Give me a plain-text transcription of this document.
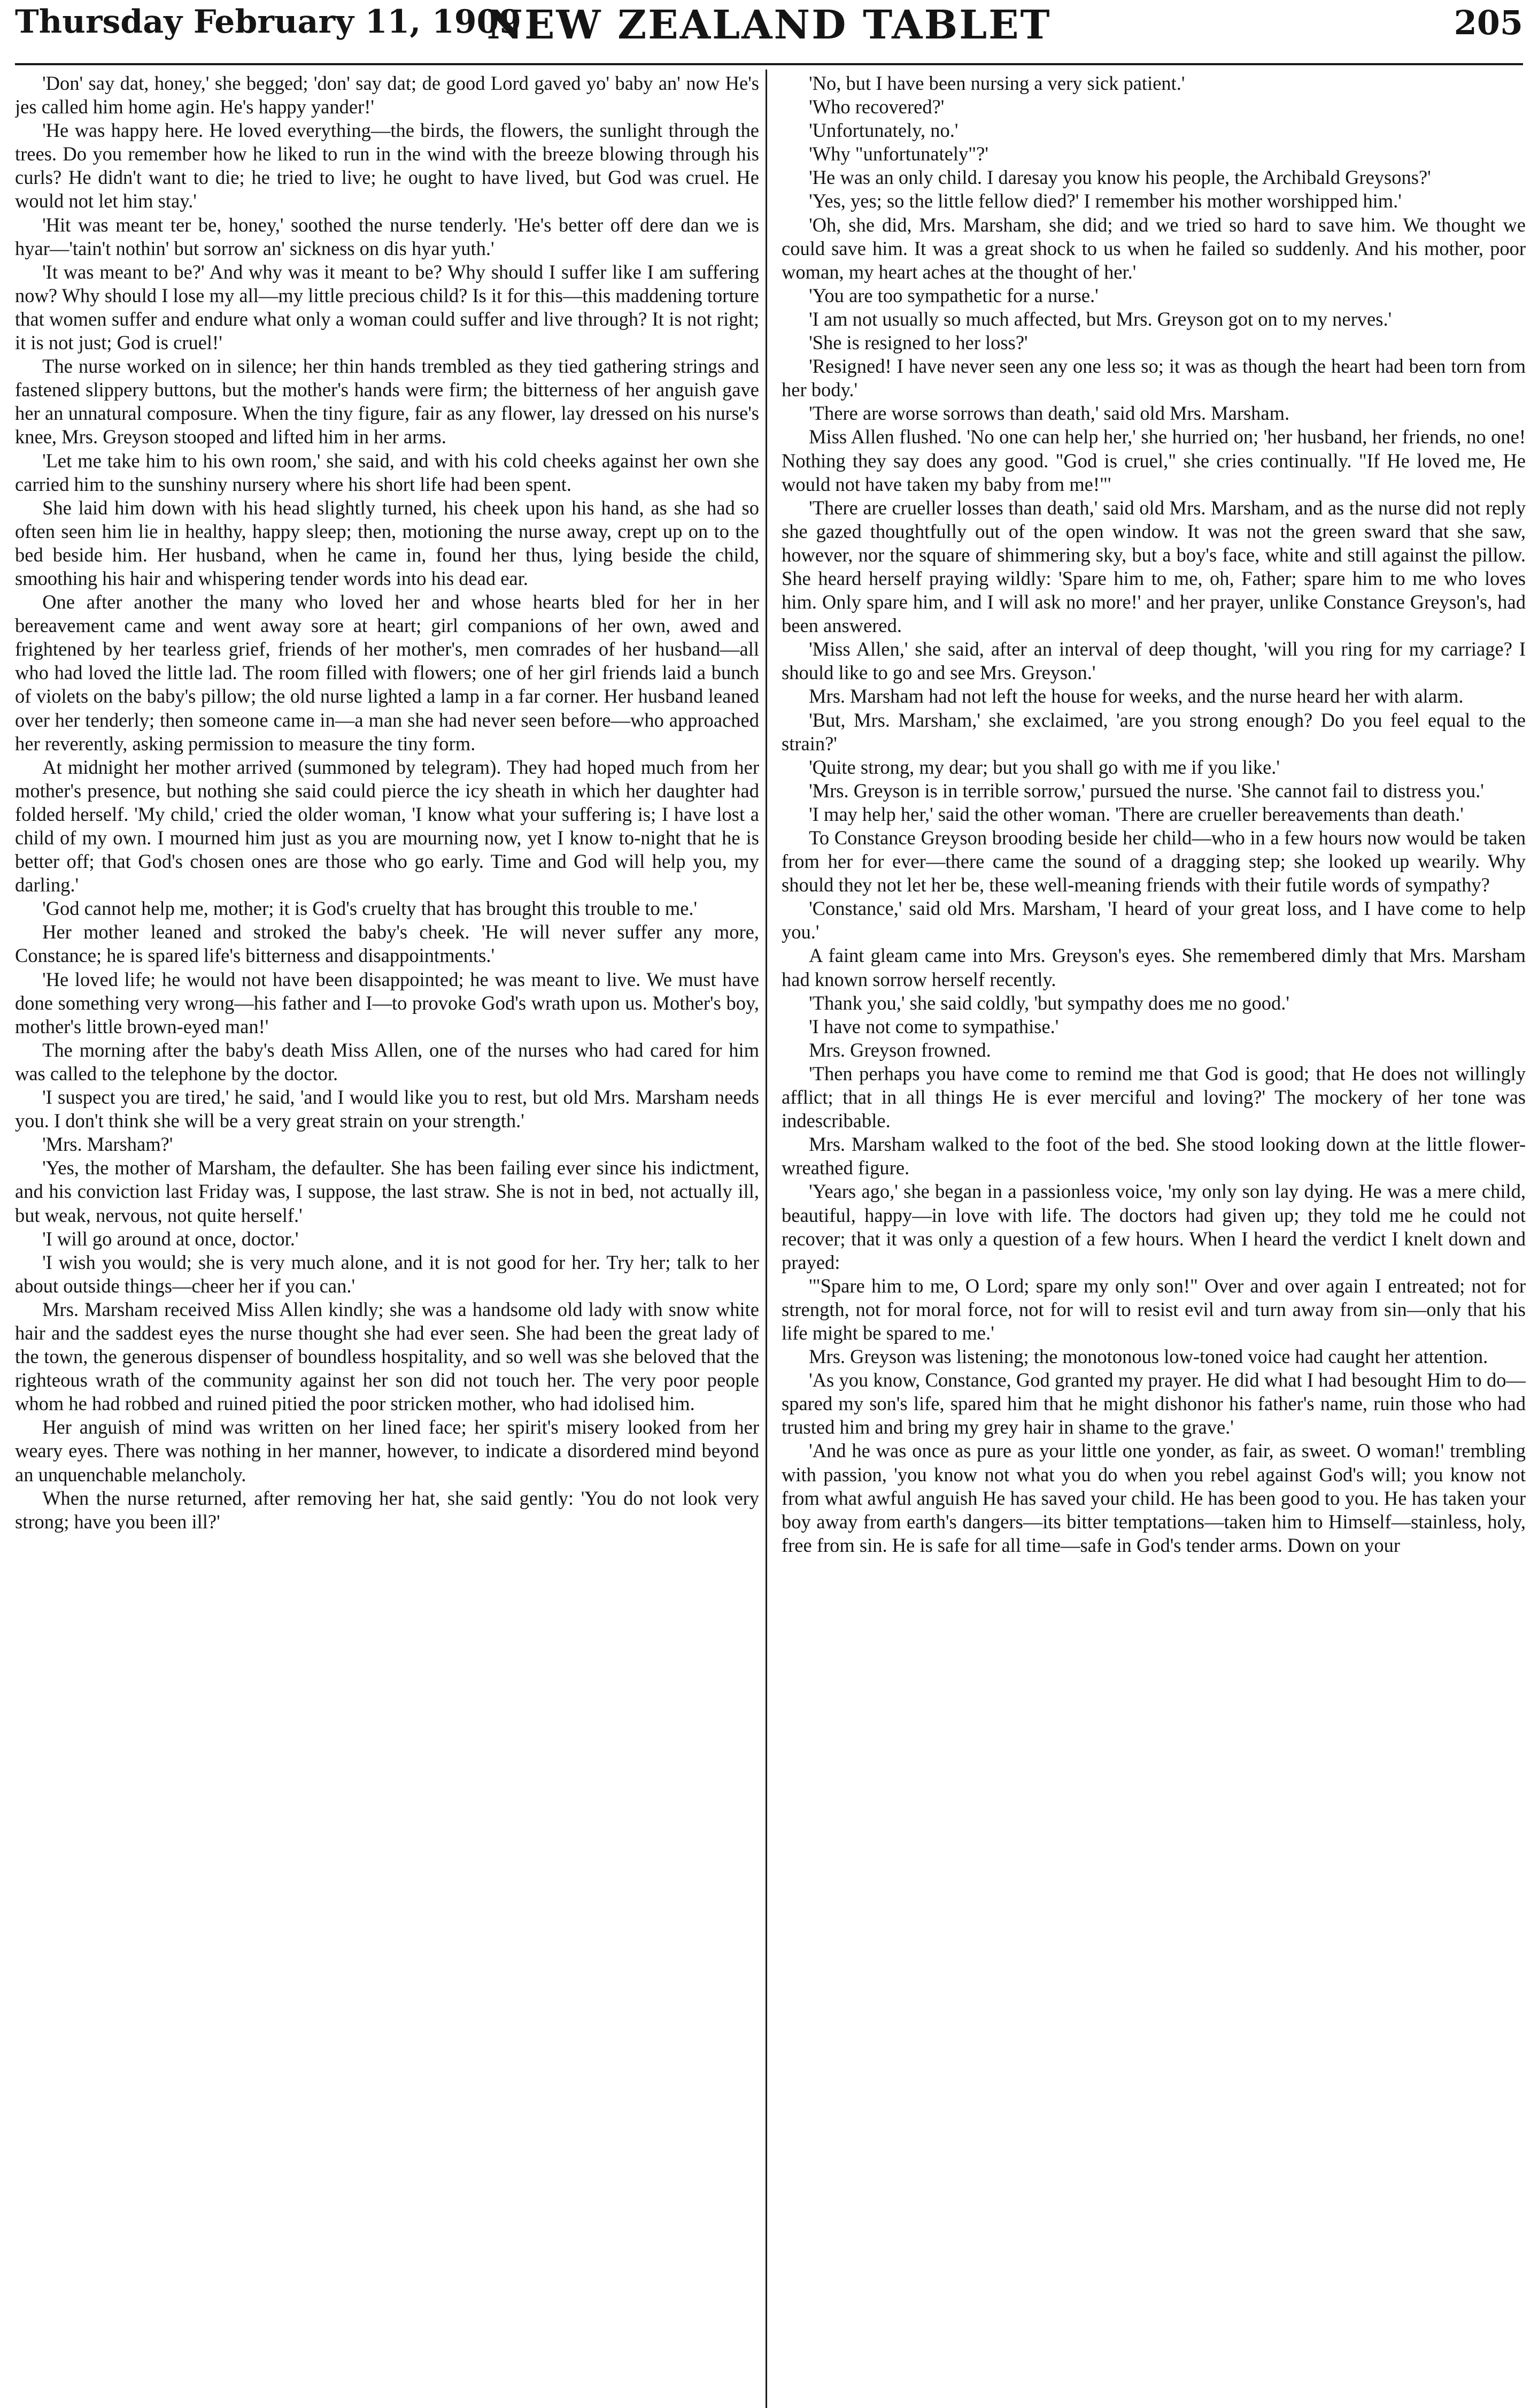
Thursday February 11, 1909
NEW ZEALAND TABLET	205

'Don' say dat, honey,' she begged; 'don' say dat; de good Lord gaved yo' baby an' now He's jes called him home agin. He's happy yander!'

'He was happy here. He loved everything—the birds, the flowers, the sunlight through the trees. Do you remember how he liked to run in the wind with the breeze blowing through his curls? He didn't want to die; he tried to live; he ought to have lived, but God was cruel. He would not let him stay.'

'Hit was meant ter be, honey,' soothed the nurse tenderly. 'He's better off dere dan we is hyar—'tain't nothin' but sorrow an' sickness on dis hyar yuth.'

'It was meant to be?' And why was it meant to be? Why should I suffer like I am suffering now? Why should I lose my all—my little precious child? Is it for this—this maddening torture that women suffer and endure what only a woman could suffer and live through? It is not right; it is not just; God is cruel!'

The nurse worked on in silence; her thin hands trembled as they tied gathering strings and fastened slippery buttons, but the mother's hands were firm; the bitterness of her anguish gave her an unnatural composure. When the tiny figure, fair as any flower, lay dressed on his nurse's knee, Mrs. Greyson stooped and lifted him in her arms.

'Let me take him to his own room,' she said, and with his cold cheeks against her own she carried him to the sunshiny nursery where his short life had been spent.

She laid him down with his head slightly turned, his cheek upon his hand, as she had so often seen him lie in healthy, happy sleep; then, motioning the nurse away, crept up on to the bed beside him. Her husband, when he came in, found her thus, lying beside the child, smoothing his hair and whispering tender words into his dead ear.

One after another the many who loved her and whose hearts bled for her in her bereavement came and went away sore at heart; girl companions of her own, awed and frightened by her tearless grief, friends of her mother's, men comrades of her husband—all who had loved the little lad. The room filled with flowers; one of her girl friends laid a bunch of violets on the baby's pillow; the old nurse lighted a lamp in a far corner. Her husband leaned over her tenderly; then someone came in—a man she had never seen before—who approached her reverently, asking permission to measure the tiny form.

At midnight her mother arrived (summoned by telegram). They had hoped much from her mother's presence, but nothing she said could pierce the icy sheath in which her daughter had folded herself. 'My child,' cried the older woman, 'I know what your suffering is; I have lost a child of my own. I mourned him just as you are mourning now, yet I know to-night that he is better off; that God's chosen ones are those who go early. Time and God will help you, my darling.'

'God cannot help me, mother; it is God's cruelty that has brought this trouble to me.'

Her mother leaned and stroked the baby's cheek. 'He will never suffer any more, Constance; he is spared life's bitterness and disappointments.'

'He loved life; he would not have been disappointed; he was meant to live. We must have done something very wrong—his father and I—to provoke God's wrath upon us. Mother's boy, mother's little brown-eyed man!'

The morning after the baby's death Miss Allen, one of the nurses who had cared for him was called to the telephone by the doctor.

'I suspect you are tired,' he said, 'and I would like you to rest, but old Mrs. Marsham needs you. I don't think she will be a very great strain on your strength.'

'Mrs. Marsham?'

'Yes, the mother of Marsham, the defaulter. She has been failing ever since his indictment, and his conviction last Friday was, I suppose, the last straw. She is not in bed, not actually ill, but weak, nervous, not quite herself.'

'I will go around at once, doctor.'

'I wish you would; she is very much alone, and it is not good for her. Try her; talk to her about outside things—cheer her if you can.'

Mrs. Marsham received Miss Allen kindly; she was a handsome old lady with snow white hair and the saddest eyes the nurse thought she had ever seen. She had been the great lady of the town, the generous dispenser of boundless hospitality, and so well was she beloved that the righteous wrath of the community against her son did not touch her. The very poor people whom he had robbed and ruined pitied the poor stricken mother, who had idolised him.

Her anguish of mind was written on her lined face; her spirit's misery looked from her weary eyes. There was nothing in her manner, however, to indicate a disordered mind beyond an unquenchable melancholy.

When the nurse returned, after removing her hat, she said gently: 'You do not look very strong; have you been ill?'

'No, but I have been nursing a very sick patient.'

'Who recovered?'

'Unfortunately, no.'

'Why "unfortunately"?'

'He was an only child. I daresay you know his people, the Archibald Greysons?'

'Yes, yes; so the little fellow died?' I remember his mother worshipped him.'

'Oh, she did, Mrs. Marsham, she did; and we tried so hard to save him. We thought we could save him. It was a great shock to us when he failed so suddenly. And his mother, poor woman, my heart aches at the thought of her.'

'You are too sympathetic for a nurse.'

'I am not usually so much affected, but Mrs. Greyson got on to my nerves.'

'She is resigned to her loss?'

'Resigned! I have never seen any one less so; it was as though the heart had been torn from her body.'

'There are worse sorrows than death,' said old Mrs. Marsham.

Miss Allen flushed. 'No one can help her,' she hurried on; 'her husband, her friends, no one! Nothing they say does any good. "God is cruel," she cries continually. "If He loved me, He would not have taken my baby from me!"'

'There are crueller losses than death,' said old Mrs. Marsham, and as the nurse did not reply she gazed thoughtfully out of the open window. It was not the green sward that she saw, however, nor the square of shimmering sky, but a boy's face, white and still against the pillow. She heard herself praying wildly: 'Spare him to me, oh, Father; spare him to me who loves him. Only spare him, and I will ask no more!' and her prayer, unlike Constance Greyson's, had been answered.

'Miss Allen,' she said, after an interval of deep thought, 'will you ring for my carriage? I should like to go and see Mrs. Greyson.'

Mrs. Marsham had not left the house for weeks, and the nurse heard her with alarm.

'But, Mrs. Marsham,' she exclaimed, 'are you strong enough? Do you feel equal to the strain?'

'Quite strong, my dear; but you shall go with me if you like.'

'Mrs. Greyson is in terrible sorrow,' pursued the nurse. 'She cannot fail to distress you.'

'I may help her,' said the other woman. 'There are crueller bereavements than death.'

To Constance Greyson brooding beside her child—who in a few hours now would be taken from her for ever—there came the sound of a dragging step; she looked up wearily. Why should they not let her be, these well-meaning friends with their futile words of sympathy?

'Constance,' said old Mrs. Marsham, 'I heard of your great loss, and I have come to help you.'

A faint gleam came into Mrs. Greyson's eyes. She remembered dimly that Mrs. Marsham had known sorrow herself recently.

'Thank you,' she said coldly, 'but sympathy does me no good.'

'I have not come to sympathise.'

Mrs. Greyson frowned.

'Then perhaps you have come to remind me that God is good; that He does not willingly afflict; that in all things He is ever merciful and loving?' The mockery of her tone was indescribable.

Mrs. Marsham walked to the foot of the bed. She stood looking down at the little flower-wreathed figure.

'Years ago,' she began in a passionless voice, 'my only son lay dying. He was a mere child, beautiful, happy—in love with life. The doctors had given up; they told me he could not recover; that it was only a question of a few hours. When I heard the verdict I knelt down and prayed:

'"Spare him to me, O Lord; spare my only son!" Over and over again I entreated; not for strength, not for moral force, not for will to resist evil and turn away from sin—only that his life might be spared to me.'

Mrs. Greyson was listening; the monotonous low-toned voice had caught her attention.

'As you know, Constance, God granted my prayer. He did what I had besought Him to do—spared my son's life, spared him that he might dishonor his father's name, ruin those who had trusted him and bring my grey hair in shame to the grave.'

'And he was once as pure as your little one yonder, as fair, as sweet. O woman!' trembling with passion, 'you know not what you do when you rebel against God's will; you know not from what awful anguish He has saved your child. He has been good to you. He has taken your boy away from earth's dangers—its bitter temptations—taken him to Himself—stainless, holy, free from sin. He is safe for all time—safe in God's tender arms. Down on your
